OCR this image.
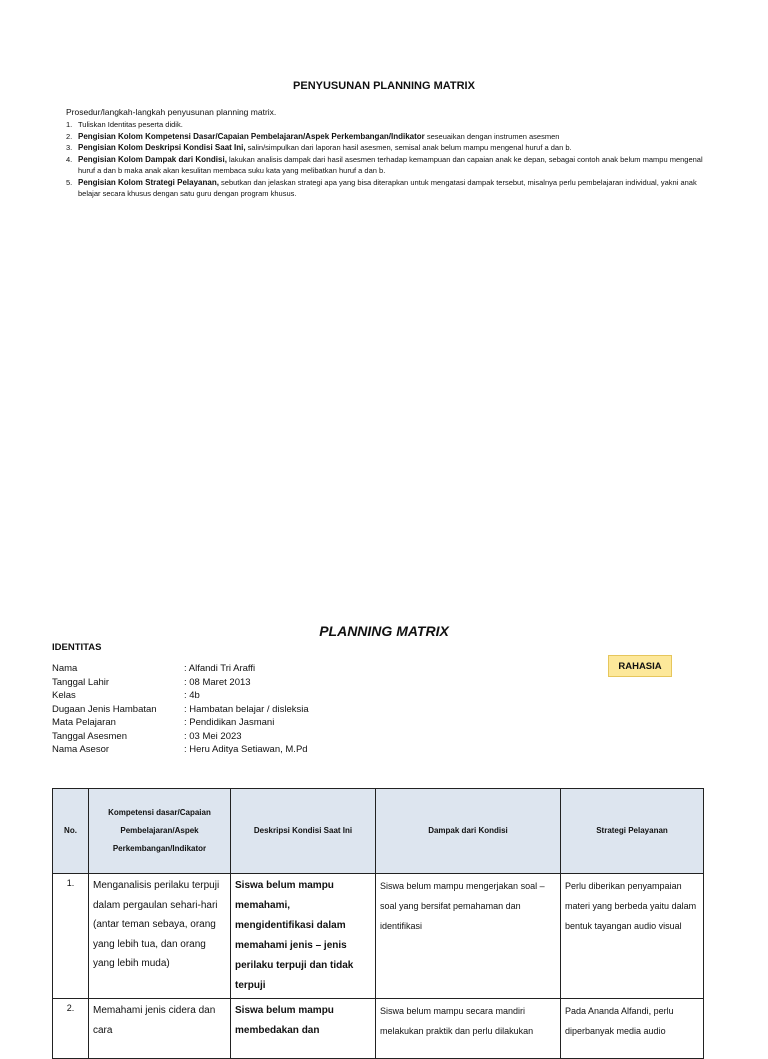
PENYUSUNAN PLANNING MATRIX
Prosedur/langkah-langkah penyusunan planning matrix.
1. Tuliskan Identitas peserta didik.
2. Pengisian Kolom Kompetensi Dasar/Capaian Pembelajaran/Aspek Perkembangan/Indikator seseuaikan dengan instrumen asesmen
3. Pengisian Kolom Deskripsi Kondisi Saat Ini, salin/simpulkan dari laporan hasil asesmen, semisal anak belum mampu mengenal huruf a dan b.
4. Pengisian Kolom Dampak dari Kondisi, lakukan analisis dampak dari hasil asesmen terhadap kemampuan dan capaian anak ke depan, sebagai contoh anak belum mampu mengenal huruf a dan b maka anak akan kesulitan membaca suku kata yang melibatkan huruf a dan b.
5. Pengisian Kolom Strategi Pelayanan, sebutkan dan jelaskan strategi apa yang bisa diterapkan untuk mengatasi dampak tersebut, misalnya perlu pembelajaran individual, yakni anak belajar secara khusus dengan satu guru dengan program khusus.
PLANNING MATRIX
IDENTITAS
RAHASIA
Nama	: Alfandi Tri Araffi
Tanggal Lahir	: 08 Maret 2013
Kelas	: 4b
Dugaan Jenis Hambatan	: Hambatan belajar / disleksia
Mata Pelajaran	: Pendidikan Jasmani
Tanggal Asesmen	: 03 Mei 2023
Nama Asesor	: Heru Aditya Setiawan, M.Pd
No.	Kompetensi dasar/Capaian Pembelajaran/Aspek Perkembangan/Indikator	Deskripsi Kondisi Saat Ini	Dampak dari Kondisi	Strategi Pelayanan
1.	Menganalisis perilaku terpuji dalam pergaulan sehari-hari (antar teman sebaya, orang yang lebih tua, dan orang yang lebih muda)	Siswa belum mampu memahami, mengidentifikasi dalam memahami jenis – jenis perilaku terpuji dan tidak terpuji	Siswa belum mampu mengerjakan soal – soal yang bersifat pemahaman dan identifikasi	Perlu diberikan penyampaian materi yang berbeda yaitu dalam bentuk tayangan audio visual
2.	Memahami jenis cidera dan cara	Siswa belum mampu membedakan dan	Siswa belum mampu secara mandiri melakukan praktik dan perlu dilakukan	Pada Ananda Alfandi, perlu diperbanyak media audio
